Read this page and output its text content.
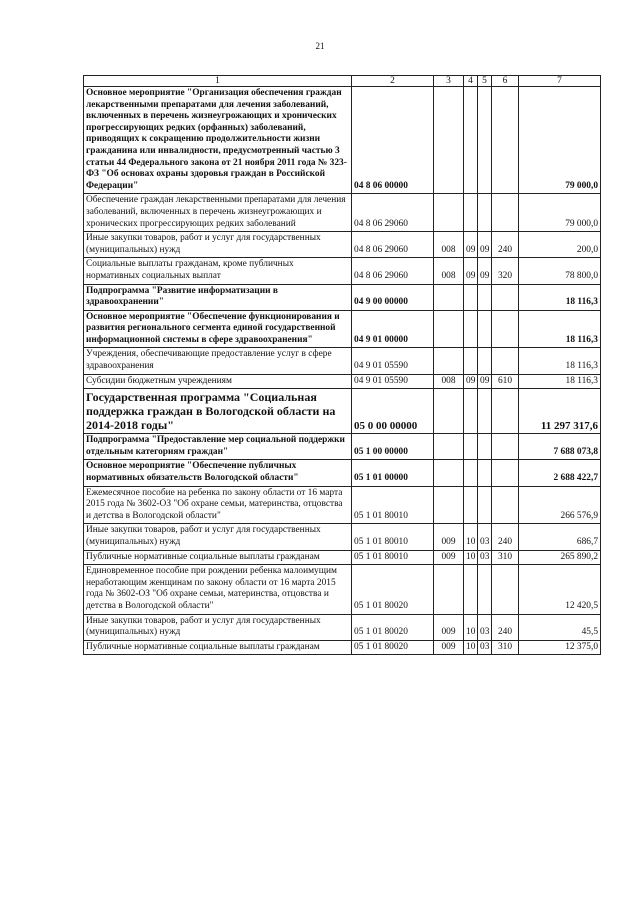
21
1	2	3	4	5	6	7
Основное мероприятие "Организация обеспечения граждан лекарственными препаратами для лечения заболеваний, включенных в перечень жизнеугрожающих и хронических прогрессирующих редких (орфанных) заболеваний, приводящих к сокращению продолжительности жизни гражданина или инвалидности, предусмотренный частью 3 статьи 44 Федерального закона от 21 ноября 2011 года № 323-ФЗ "Об основах охраны здоровья граждан в Российской Федерации"	04 8 06 00000					79 000,0
Обеспечение граждан лекарственными препаратами для лечения заболеваний, включенных в перечень жизнеугрожающих и хронических прогрессирующих редких заболеваний	04 8 06 29060					79 000,0
Иные закупки товаров, работ и услуг для государственных (муниципальных) нужд	04 8 06 29060	008	09	09	240	200,0
Социальные выплаты гражданам, кроме публичных нормативных социальных выплат	04 8 06 29060	008	09	09	320	78 800,0
Подпрограмма "Развитие информатизации в здравоохранении"	04 9 00 00000					18 116,3
Основное мероприятие "Обеспечение функционирования и развития регионального сегмента единой государственной информационной системы в сфере здравоохранения"	04 9 01 00000					18 116,3
Учреждения, обеспечивающие предоставление услуг в сфере здравоохранения	04 9 01 05590					18 116,3
Субсидии бюджетным учреждениям	04 9 01 05590	008	09	09	610	18 116,3
Государственная программа "Социальная поддержка граждан в Вологодской области на 2014-2018 годы"	05 0 00 00000					11 297 317,6
Подпрограмма "Предоставление мер социальной поддержки отдельным категориям граждан"	05 1 00 00000					7 688 073,8
Основное мероприятие "Обеспечение публичных нормативных обязательств Вологодской области"	05 1 01 00000					2 688 422,7
Ежемесячное пособие на ребенка по закону области от 16 марта 2015 года № 3602-ОЗ "Об охране семьи, материнства, отцовства и детства в Вологодской области"	05 1 01 80010					266 576,9
Иные закупки товаров, работ и услуг для государственных (муниципальных) нужд	05 1 01 80010	009	10	03	240	686,7
Публичные нормативные социальные выплаты гражданам	05 1 01 80010	009	10	03	310	265 890,2
Единовременное пособие при рождении ребенка малоимущим неработающим женщинам по закону области от 16 марта 2015 года № 3602-ОЗ "Об охране семьи, материнства, отцовства и детства в Вологодской области"	05 1 01 80020					12 420,5
Иные закупки товаров, работ и услуг для государственных (муниципальных) нужд	05 1 01 80020	009	10	03	240	45,5
Публичные нормативные социальные выплаты гражданам	05 1 01 80020	009	10	03	310	12 375,0
